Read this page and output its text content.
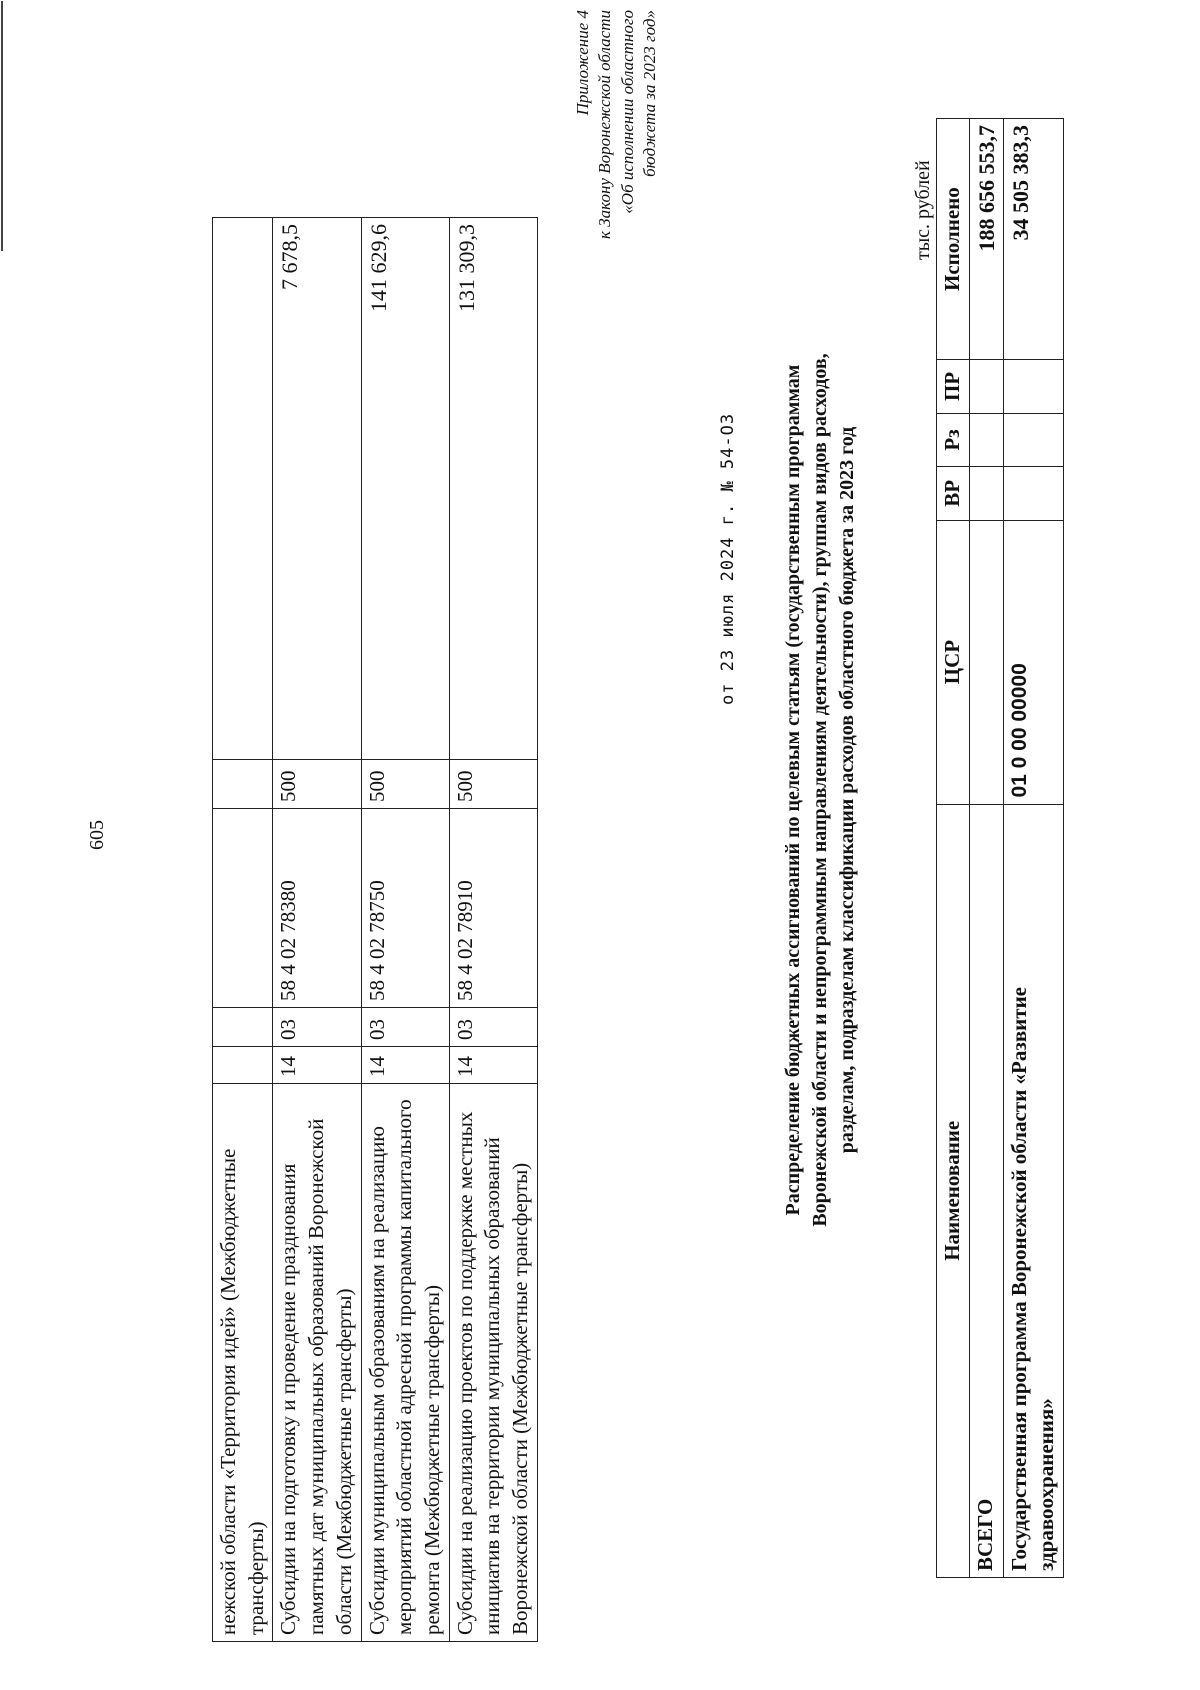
605
нежской области «Территория идей» (Межбюджетные трансферты)					
Субсидии на подготовку и проведение празднования памятных дат муниципальных образований Воронежской области (Межбюджетные трансферты)	14	03	58 4 02 78380	500	7 678,5
Субсидии муниципальным образованиям на реализацию мероприятий областной адресной программы капитального ремонта (Межбюджетные трансферты)	14	03	58 4 02 78750	500	141 629,6
Субсидии на реализацию проектов по поддержке местных инициатив на территории муниципальных образований Воронежской области (Межбюджетные трансферты)	14	03	58 4 02 78910	500	131 309,3
Приложение 4 к Закону Воронежской области «Об исполнении областного бюджета за 2023 год»
от 23 июля 2024 г. № 54-ОЗ Распределение бюджетных ассигнований по целевым статьям (государственным программам Воронежской области и непрограммным направлениям деятельности), группам видов расходов, разделам, подразделам классификации расходов областного бюджета за 2023 год
тыс. рублей
Наименование	ЦСР	ВР	Рз	ПР	Исполнено
ВСЕГО					188 656 553,7
Государственная программа Воронежской области «Развитие здравоохранения»	01 0 00 00000				34 505 383,3
